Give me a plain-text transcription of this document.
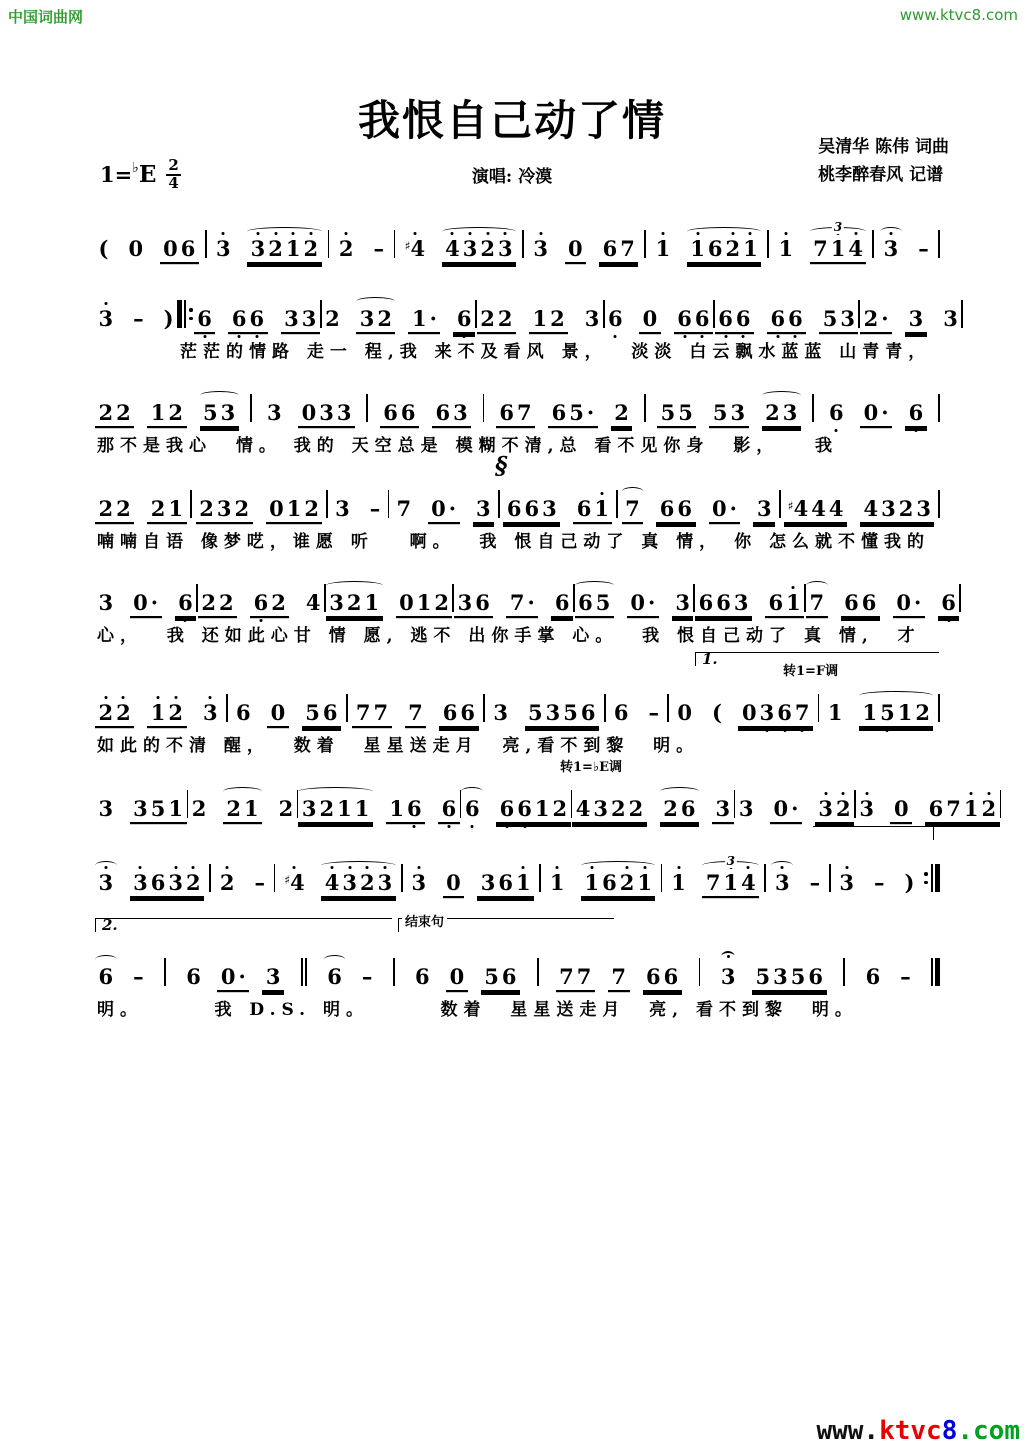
中国词曲网	www.ktvc8.com
我恨自己动了情
演唱: 冷漠
吴清华 陈伟 词曲
桃李醉春风 记谱
1= ♭ E $\frac{2}{4}$
( 0 0 6 3 3 2 1 2 2 – ♯4 4 3 2 3 3 0 6 7 1 1 6 2 1 1 7 1 4
3
3 –
3 – ) 6 6 6 3 3 2 3 2 1 · 6 2 2 1 2 3 6 0 6 6 6 6 6 6 5 3 2 · 3 3
茫茫的情路 走一 程,我 来不及看风 景，  淡淡 白云飘水蓝蓝 山青青，
2 2 1 2 5 3 3 0 3 3 6 6 6 3 6 7 6 5 · 2 5 5 5 3 2 3 6 0 · 6
那不是我心  情。 我的 天空总是 模糊不清,总 看不见你身  影，   我
2 2 2 1 2 3 2 0 1 2 3 – 7 0 · 3 6 6 3 6 1 7 6 6 0 · 3 ♯4 4 4 4 3 2 3
§
喃喃自语 像梦呓，谁愿 听   啊。  我 恨自己动了 真 情， 你 怎么就不懂我的
3 0 · 6 2 2 6 2 4 3 2 1 0 1 2 3 6 7 · 6 6 5 0 · 3 6 6 3 6 1 7 6 6 0 · 6
心，  我 还如此心甘 情 愿, 逃不 出你手掌 心。  我 恨自己动了 真 情,  才
2 2 1 2 3 6 0 5 6 7 7 7 6 6 3 5 3 5 6 6 – 0 ( 0 3 6 7 1 1 5 1 2
1.
转1=F调
如此的不清 醒，  数着  星星送走月  亮,看不到黎  明。
3 3 5 1 2 2 1 2 3 2 1 1 1 6 6 6 6 6 1 2 4 3 2 2 2 6 3 3 0 · 3 2 3 0 6 7 1 2
转1=♭E调
3 3 6 3 2 2 – ♯4 4 3 2 3 3 0 3 6 1 1 1 6 2 1 1 7 1 4
3
3 – 3 – )
6 – 6 0 · 3 6 – 6 0 5 6 7 7 7 6 6 3 5 3 5 6 6 –
2.	结束句
明。      我 D.S. 明。      数着  星星送走月  亮, 看不到黎  明。
www.ktvc8.com
